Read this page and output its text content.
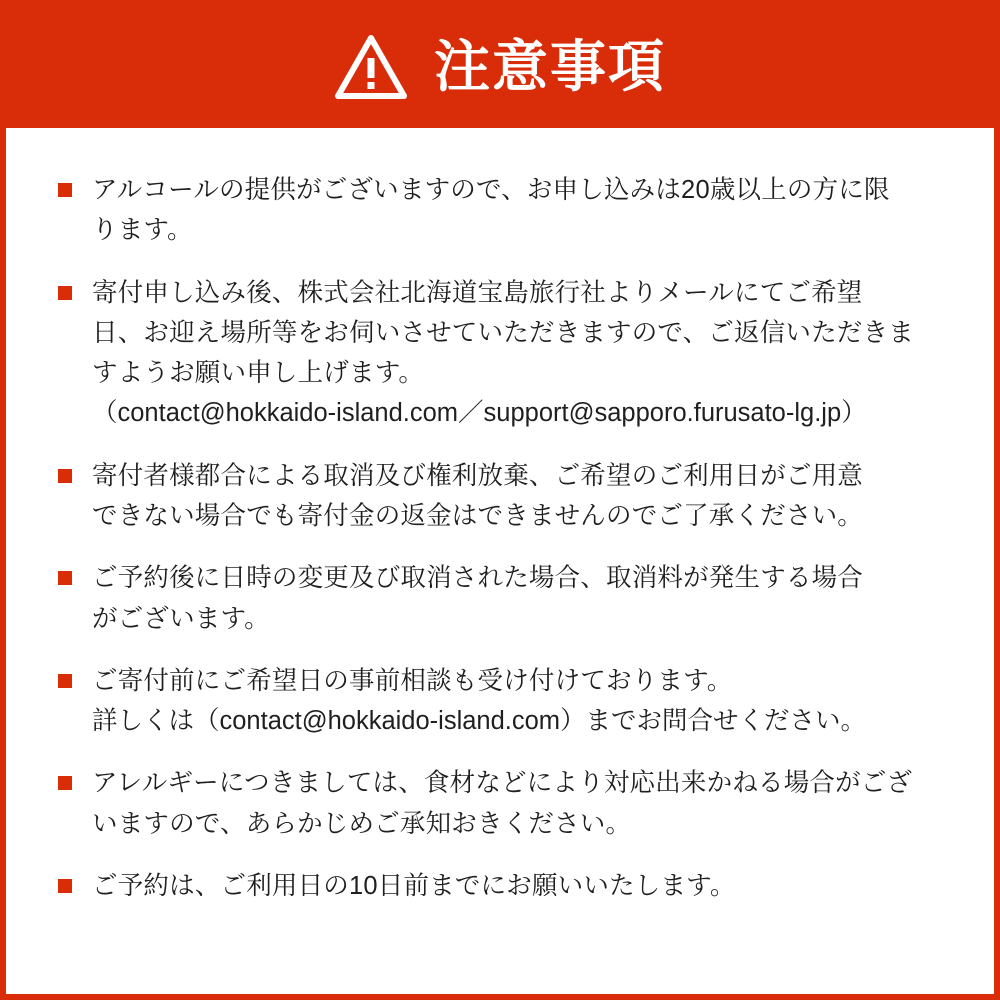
注意事項
アルコールの提供がございますので、お申し込みは20歳以上の方に限
ります。
寄付申し込み後、株式会社北海道宝島旅行社よりメールにてご希望
日、お迎え場所等をお伺いさせていただきますので、ご返信いただきま
すようお願い申し上げます。
（contact@hokkaido-island.com／support@sapporo.furusato-lg.jp）
寄付者様都合による取消及び権利放棄、ご希望のご利用日がご用意
できない場合でも寄付金の返金はできませんのでご了承ください。
ご予約後に日時の変更及び取消された場合、取消料が発生する場合
がございます。
ご寄付前にご希望日の事前相談も受け付けております。
詳しくは（contact@hokkaido-island.com）までお問合せください。
アレルギーにつきましては、食材などにより対応出来かねる場合がござ
いますので、あらかじめご承知おきください。
ご予約は、ご利用日の10日前までにお願いいたします。
